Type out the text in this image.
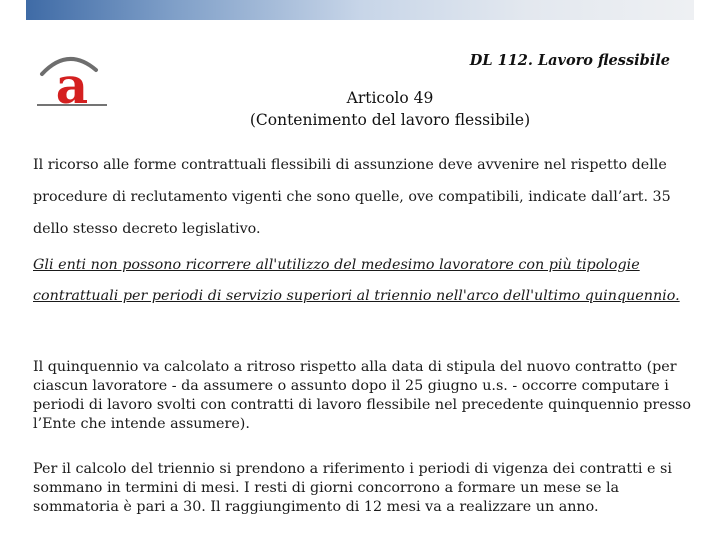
a	DL 112. Lavoro flessibile
Articolo 49
(Contenimento del lavoro flessibile)
Il ricorso alle forme contrattuali flessibili di assunzione deve avvenire nel rispetto delle procedure di reclutamento vigenti che sono quelle, ove compatibili, indicate dall’art. 35 dello stesso decreto legislativo.
Gli enti non possono ricorrere all'utilizzo del medesimo lavoratore con più tipologie contrattuali per periodi di servizio superiori al triennio nell'arco dell'ultimo quinquennio.
Il quinquennio va calcolato a ritroso rispetto alla data di stipula del nuovo contratto (per ciascun lavoratore - da assumere o assunto dopo il 25 giugno u.s. - occorre computare i periodi di lavoro svolti con contratti di lavoro flessibile nel precedente quinquennio presso l’Ente che intende assumere).
Per il calcolo del triennio si prendono a riferimento i periodi di vigenza dei contratti e si sommano in termini di mesi. I resti di giorni concorrono a formare un mese se la sommatoria è pari a 30. Il raggiungimento di 12 mesi va a realizzare un anno.
